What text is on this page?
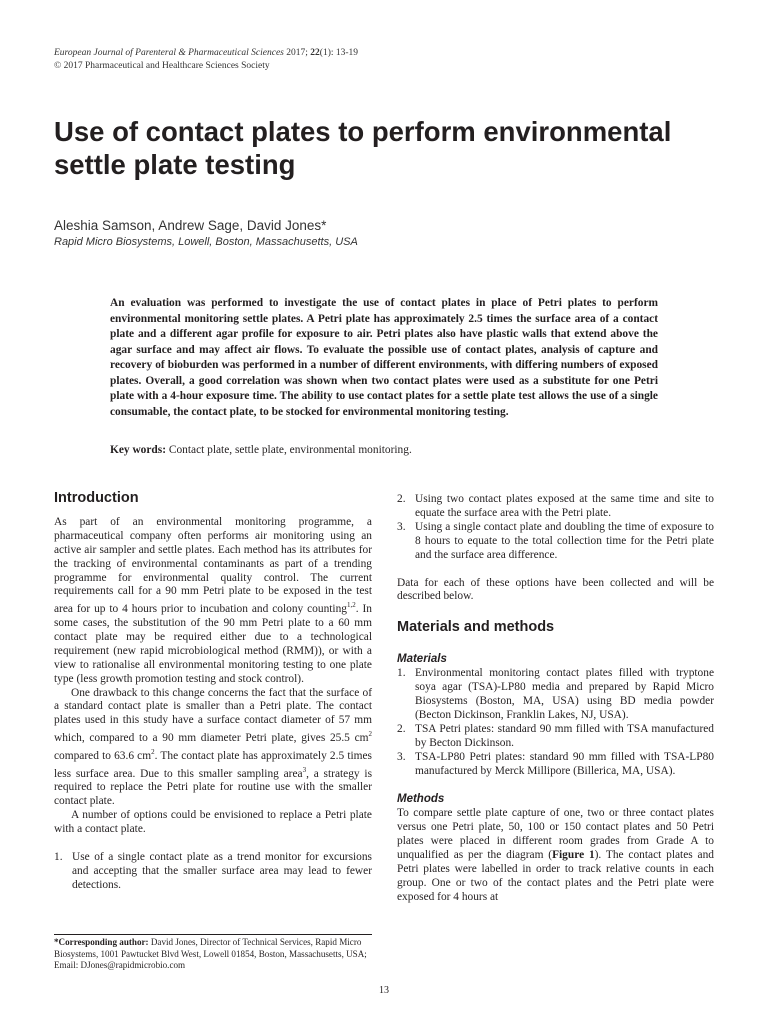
European Journal of Parenteral & Pharmaceutical Sciences 2017; 22(1): 13-19
© 2017 Pharmaceutical and Healthcare Sciences Society
Use of contact plates to perform environmental settle plate testing
Aleshia Samson, Andrew Sage, David Jones*
Rapid Micro Biosystems, Lowell, Boston, Massachusetts, USA

An evaluation was performed to investigate the use of contact plates in place of Petri plates to perform environmental monitoring settle plates. A Petri plate has approximately 2.5 times the surface area of a contact plate and a different agar profile for exposure to air. Petri plates also have plastic walls that extend above the agar surface and may affect air flows. To evaluate the possible use of contact plates, analysis of capture and recovery of bioburden was performed in a number of different environments, with differing numbers of exposed plates. Overall, a good correlation was shown when two contact plates were used as a substitute for one Petri plate with a 4-hour exposure time. The ability to use contact plates for a settle plate test allows the use of a single consumable, the contact plate, to be stocked for environmental monitoring testing.

Key words: Contact plate, settle plate, environmental monitoring.
Introduction

As part of an environmental monitoring programme, a pharmaceutical company often performs air monitoring using an active air sampler and settle plates. Each method has its attributes for the tracking of environmental contaminants as part of a trending programme for environmental quality control. The current requirements call for a 90 mm Petri plate to be exposed in the test area for up to 4 hours prior to incubation and colony counting$^{1,2}$. In some cases, the substitution of the 90 mm Petri plate to a 60 mm contact plate may be required either due to a technological requirement (new rapid microbiological method (RMM)), or with a view to rationalise all environmental monitoring testing to one plate type (less growth promotion testing and stock control).

One drawback to this change concerns the fact that the surface of a standard contact plate is smaller than a Petri plate. The contact plates used in this study have a surface contact diameter of 57 mm which, compared to a 90 mm diameter Petri plate, gives 25.5 $cm^2$ compared to 63.6 $cm^2$. The contact plate has approximately 2.5 times less surface area. Due to this smaller sampling area$^3$, a strategy is required to replace the Petri plate for routine use with the smaller contact plate.

A number of options could be envisioned to replace a Petri plate with a contact plate.

1. Use of a single contact plate as a trend monitor for excursions and accepting that the smaller surface area may lead to fewer detections.
*Corresponding author: David Jones, Director of Technical Services, Rapid Micro Biosystems, 1001 Pawtucket Blvd West, Lowell 01854, Boston, Massachusetts, USA; Email: DJones@rapidmicrobio.com
2. Using two contact plates exposed at the same time and site to equate the surface area with the Petri plate.
3. Using a single contact plate and doubling the time of exposure to 8 hours to equate to the total collection time for the Petri plate and the surface area difference.

Data for each of these options have been collected and will be described below.

Materials and methods
Materials
1. Environmental monitoring contact plates filled with tryptone soya agar (TSA)-LP80 media and prepared by Rapid Micro Biosystems (Boston, MA, USA) using BD media powder (Becton Dickinson, Franklin Lakes, NJ, USA).
2. TSA Petri plates: standard 90 mm filled with TSA manufactured by Becton Dickinson.
3. TSA-LP80 Petri plates: standard 90 mm filled with TSA-LP80 manufactured by Merck Millipore (Billerica, MA, USA).
Methods

To compare settle plate capture of one, two or three contact plates versus one Petri plate, 50, 100 or 150 contact plates and 50 Petri plates were placed in different room grades from Grade A to unqualified as per the diagram (Figure 1). The contact plates and Petri plates were labelled in order to track relative counts in each group. One or two of the contact plates and the Petri plate were exposed for 4 hours at

13
